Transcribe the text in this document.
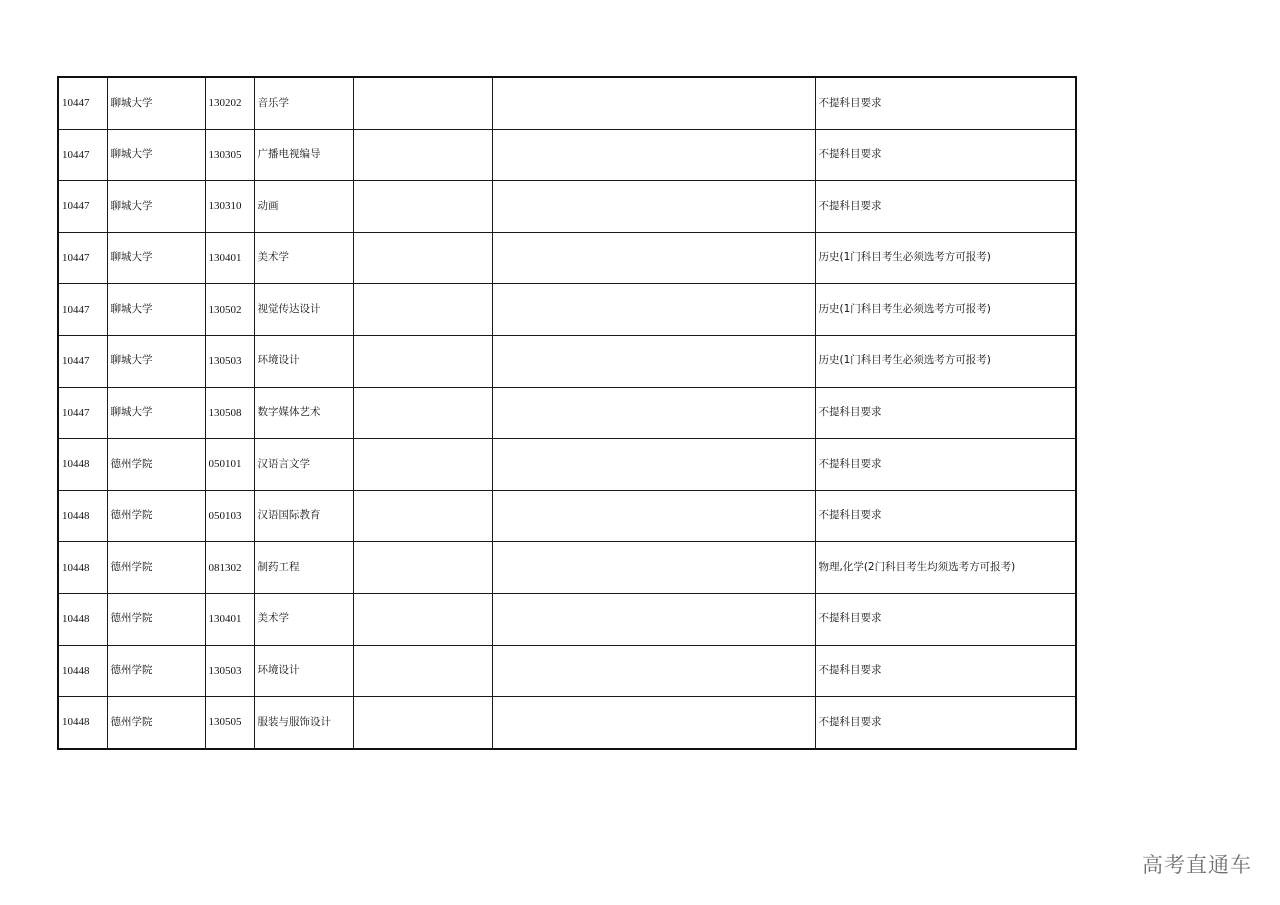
10447	聊城大学	130202	音乐学			不提科目要求
10447	聊城大学	130305	广播电视编导			不提科目要求
10447	聊城大学	130310	动画			不提科目要求
10447	聊城大学	130401	美术学			历史(1门科目考生必须选考方可报考)
10447	聊城大学	130502	视觉传达设计			历史(1门科目考生必须选考方可报考)
10447	聊城大学	130503	环境设计			历史(1门科目考生必须选考方可报考)
10447	聊城大学	130508	数字媒体艺术			不提科目要求
10448	德州学院	050101	汉语言文学			不提科目要求
10448	德州学院	050103	汉语国际教育			不提科目要求
10448	德州学院	081302	制药工程			物理,化学(2门科目考生均须选考方可报考)
10448	德州学院	130401	美术学			不提科目要求
10448	德州学院	130503	环境设计			不提科目要求
10448	德州学院	130505	服装与服饰设计			不提科目要求
高考直通车
